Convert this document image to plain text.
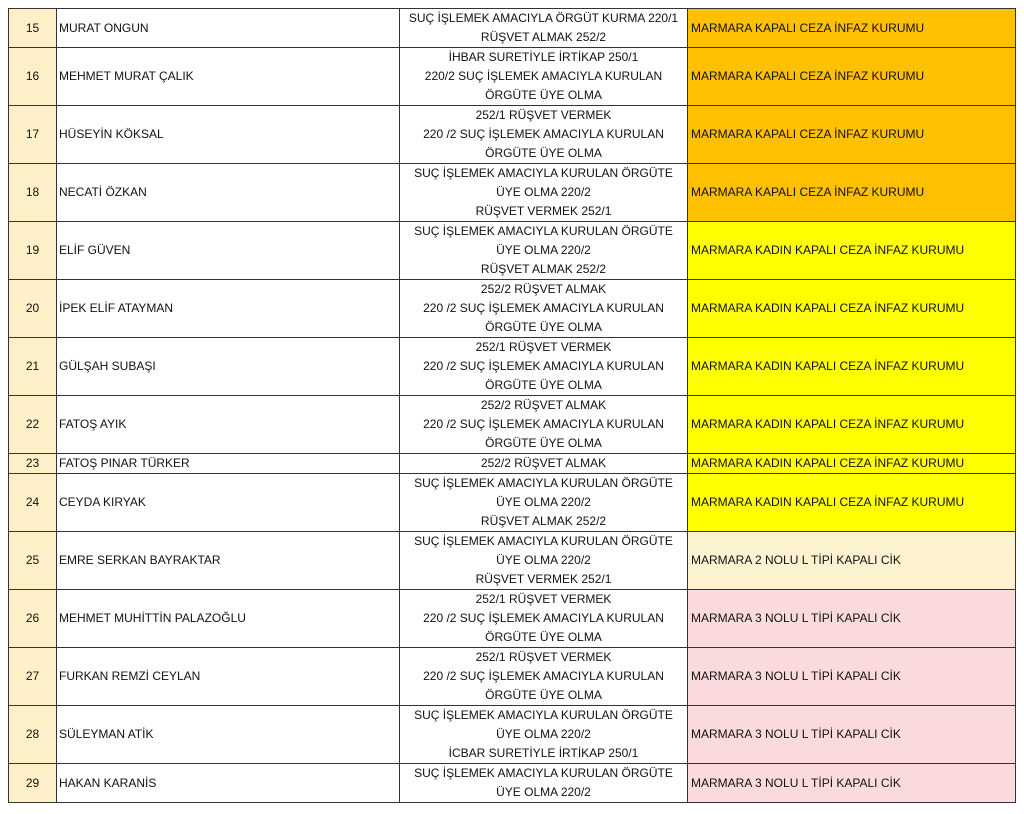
15	MURAT ONGUN	SUÇ İŞLEMEK AMACIYLA ÖRGÜT KURMA 220/1
RÜŞVET ALMAK 252/2	MARMARA KAPALI CEZA İNFAZ KURUMU
16	MEHMET MURAT ÇALIK	İHBAR SURETİYLE İRTİKAP 250/1
220/2 SUÇ İŞLEMEK AMACIYLA KURULAN
ÖRGÜTE ÜYE OLMA	MARMARA KAPALI CEZA İNFAZ KURUMU
17	HÜSEYİN KÖKSAL	252/1 RÜŞVET VERMEK
220 /2 SUÇ İŞLEMEK AMACIYLA KURULAN
ÖRGÜTE ÜYE OLMA	MARMARA KAPALI CEZA İNFAZ KURUMU
18	NECATİ ÖZKAN	SUÇ İŞLEMEK AMACIYLA KURULAN ÖRGÜTE
ÜYE OLMA 220/2
RÜŞVET VERMEK 252/1	MARMARA KAPALI CEZA İNFAZ KURUMU
19	ELİF GÜVEN	SUÇ İŞLEMEK AMACIYLA KURULAN ÖRGÜTE
ÜYE OLMA 220/2
RÜŞVET ALMAK 252/2	MARMARA KADIN KAPALI CEZA İNFAZ KURUMU
20	İPEK ELİF ATAYMAN	252/2 RÜŞVET ALMAK
220 /2 SUÇ İŞLEMEK AMACIYLA KURULAN
ÖRGÜTE ÜYE OLMA	MARMARA KADIN KAPALI CEZA İNFAZ KURUMU
21	GÜLŞAH SUBAŞI	252/1 RÜŞVET VERMEK
220 /2 SUÇ İŞLEMEK AMACIYLA KURULAN
ÖRGÜTE ÜYE OLMA	MARMARA KADIN KAPALI CEZA İNFAZ KURUMU
22	FATOŞ AYIK	252/2 RÜŞVET ALMAK
220 /2 SUÇ İŞLEMEK AMACIYLA KURULAN
ÖRGÜTE ÜYE OLMA	MARMARA KADIN KAPALI CEZA İNFAZ KURUMU
23	FATOŞ PINAR TÜRKER	252/2 RÜŞVET ALMAK	MARMARA KADIN KAPALI CEZA İNFAZ KURUMU
24	CEYDA KIRYAK	SUÇ İŞLEMEK AMACIYLA KURULAN ÖRGÜTE
ÜYE OLMA 220/2
RÜŞVET ALMAK 252/2	MARMARA KADIN KAPALI CEZA İNFAZ KURUMU
25	EMRE SERKAN BAYRAKTAR	SUÇ İŞLEMEK AMACIYLA KURULAN ÖRGÜTE
ÜYE OLMA 220/2
RÜŞVET VERMEK 252/1	MARMARA 2 NOLU L TİPİ KAPALI CİK
26	MEHMET MUHİTTİN PALAZOĞLU	252/1 RÜŞVET VERMEK
220 /2 SUÇ İŞLEMEK AMACIYLA KURULAN
ÖRGÜTE ÜYE OLMA	MARMARA 3 NOLU L TİPİ KAPALI CİK
27	FURKAN REMZİ CEYLAN	252/1 RÜŞVET VERMEK
220 /2 SUÇ İŞLEMEK AMACIYLA KURULAN
ÖRGÜTE ÜYE OLMA	MARMARA 3 NOLU L TİPİ KAPALI CİK
28	SÜLEYMAN ATİK	SUÇ İŞLEMEK AMACIYLA KURULAN ÖRGÜTE
ÜYE OLMA 220/2
İCBAR SURETİYLE İRTİKAP 250/1	MARMARA 3 NOLU L TİPİ KAPALI CİK
29	HAKAN KARANİS	SUÇ İŞLEMEK AMACIYLA KURULAN ÖRGÜTE
ÜYE OLMA 220/2	MARMARA 3 NOLU L TİPİ KAPALI CİK
